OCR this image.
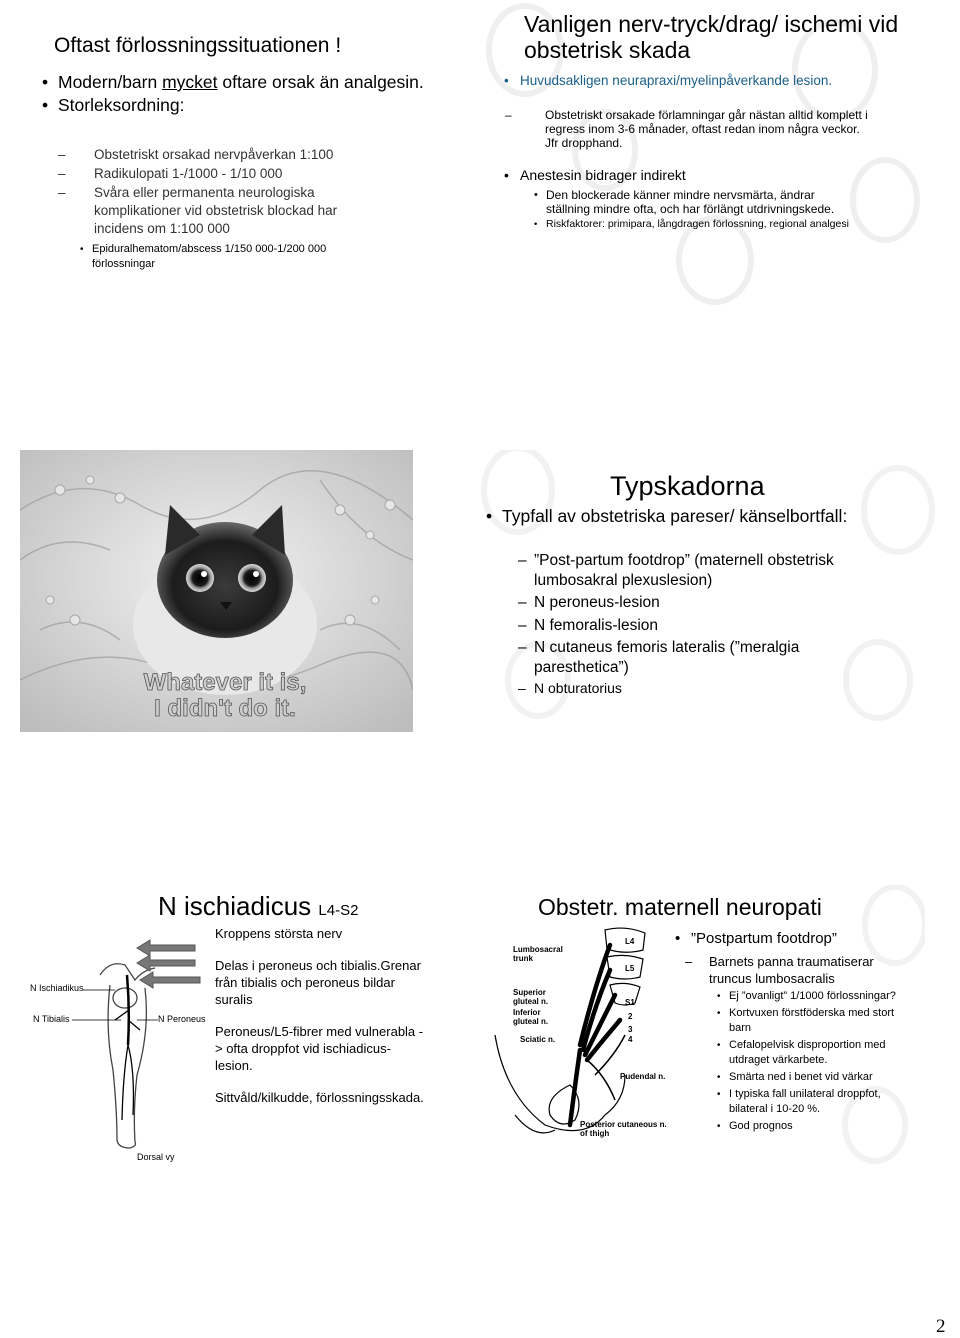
Oftast förlossningssituationen !
• Modern/barn mycket oftare orsak än analgesin.
• Storleksordning:
– Obstetriskt orsakad nervpåverkan 1:100
– Radikulopati 1-/1000 - 1/10 000
– Svåra eller permanenta neurologiska komplikationer vid obstetrisk blockad har incidens om 1:100 000
• Epiduralhematom/abscess 1/150 000-1/200 000 förlossningar
Vanligen nerv-tryck/drag/ ischemi vid obstetrisk skada
• Huvudsakligen neurapraxi/myelinpåverkande lesion.
– Obstetriskt orsakade förlamningar går nästan alltid komplett i regress inom 3-6 månader, oftast redan inom några veckor. Jfr dropphand.
• Anestesin bidrager indirekt
• Den blockerade känner mindre nervsmärta, ändrar ställning mindre ofta, och har förlängt utdrivningskede.
• Riskfaktorer: primipara, långdragen förlossning, regional analgesi
Whatever it is,
I didn't do it.
Typskadorna
• Typfall av obstetriska pareser/ känselbortfall:
– ”Post-partum footdrop” (maternell obstetrisk lumbosakral plexuslesion)
– N peroneus-lesion
– N femoralis-lesion
– N cutaneus femoris lateralis (”meralgia paresthetica”)
– N obturatorius
N Ischiadikus
N Tibialis	N Peroneus
Dorsal vy
N ischiadicus L4-S2

Kroppens största nerv

Delas i peroneus och tibialis.Grenar från tibialis och peroneus bildar suralis

Peroneus/L5-fibrer med vulnerabla -> ofta droppfot vid ischiadicus- lesion.

Sittvåld/kilkudde, förlossningsskada.

Obstetr. maternell neuropati
Lumbosacral trunk
Superior gluteal n.
Inferior gluteal n.
Sciatic n.
Pudendal n.
Posterior cutaneous n. of thigh
L4
L5
S1
2
3
4
• ”Postpartum footdrop”
– Barnets panna traumatiserar truncus lumbosacralis
• Ej ”ovanligt” 1/1000 förlossningar?
• Kortvuxen förstföderska med stort barn
• Cefalopelvisk disproportion med utdraget värkarbete.
• Smärta ned i benet vid värkar
• I typiska fall unilateral droppfot, bilateral i 10-20 %.
• God prognos
2
